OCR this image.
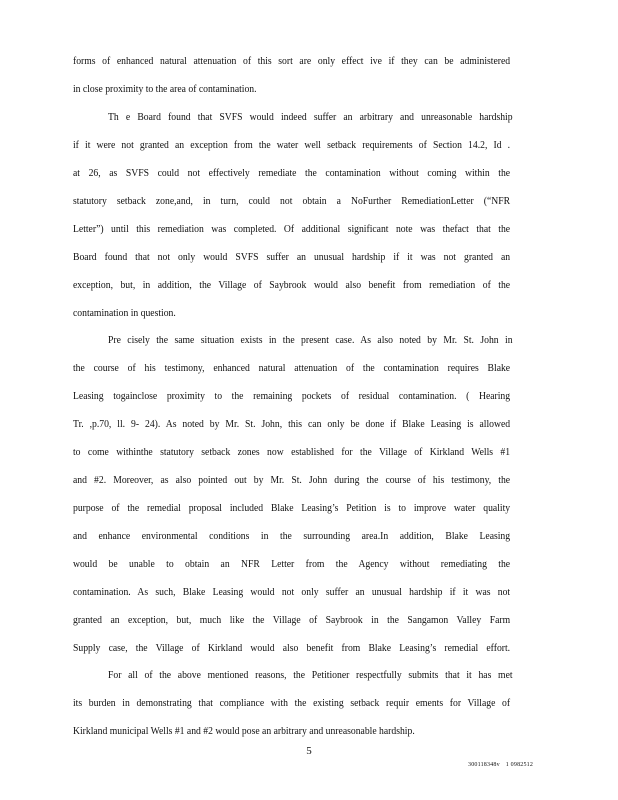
forms of enhanced natural attenuation of this sort are only effect ive if they can be administered
in close proximity to the area of contamination.
Th e Board found that SVFS would indeed suffer an arbitrary and unreasonable hardship
if it were not granted an exception from the water well setback requirements of Section 14.2, Id .
at 26, as SVFS could not effectively remediate the contamination without coming within the
statutory setback zone,and, in turn, could not obtain a NoFurther RemediationLetter (“NFR
Letter”) until this remediation was completed. Of additional significant note was thefact that the
Board found that not only would SVFS suffer an unusual hardship if it was not granted an
exception, but, in addition, the Village of Saybrook would also benefit from remediation of the
contamination in question.
Pre cisely the same situation exists in the present case. As also noted by Mr. St. John in
the course of his testimony, enhanced natural attenuation of the contamination requires Blake
Leasing togainclose proximity to the remaining pockets of residual contamination. ( Hearing
Tr. ,p.70, ll. 9- 24). As noted by Mr. St. John, this can only be done if Blake Leasing is allowed
to come withinthe statutory setback zones now established for the Village of Kirkland Wells #1
and #2. Moreover, as also pointed out by Mr. St. John during the course of his testimony, the
purpose of the remedial proposal included Blake Leasing’s Petition is to improve water quality
and enhance environmental conditions in the surrounding area.In addition, Blake Leasing
would be unable to obtain an NFR Letter from the Agency without remediating the
contamination. As such, Blake Leasing would not only suffer an unusual hardship if it was not
granted an exception, but, much like the Village of Saybrook in the Sangamon Valley Farm
Supply case, the Village of Kirkland would also benefit from Blake Leasing’s remedial effort.
For all of the above mentioned reasons, the Petitioner respectfully submits that it has met
its burden in demonstrating that compliance with the existing setback requir ements for Village of
Kirkland municipal Wells #1 and #2 would pose an arbitrary and unreasonable hardship.
5
300118348v 1 0982512
